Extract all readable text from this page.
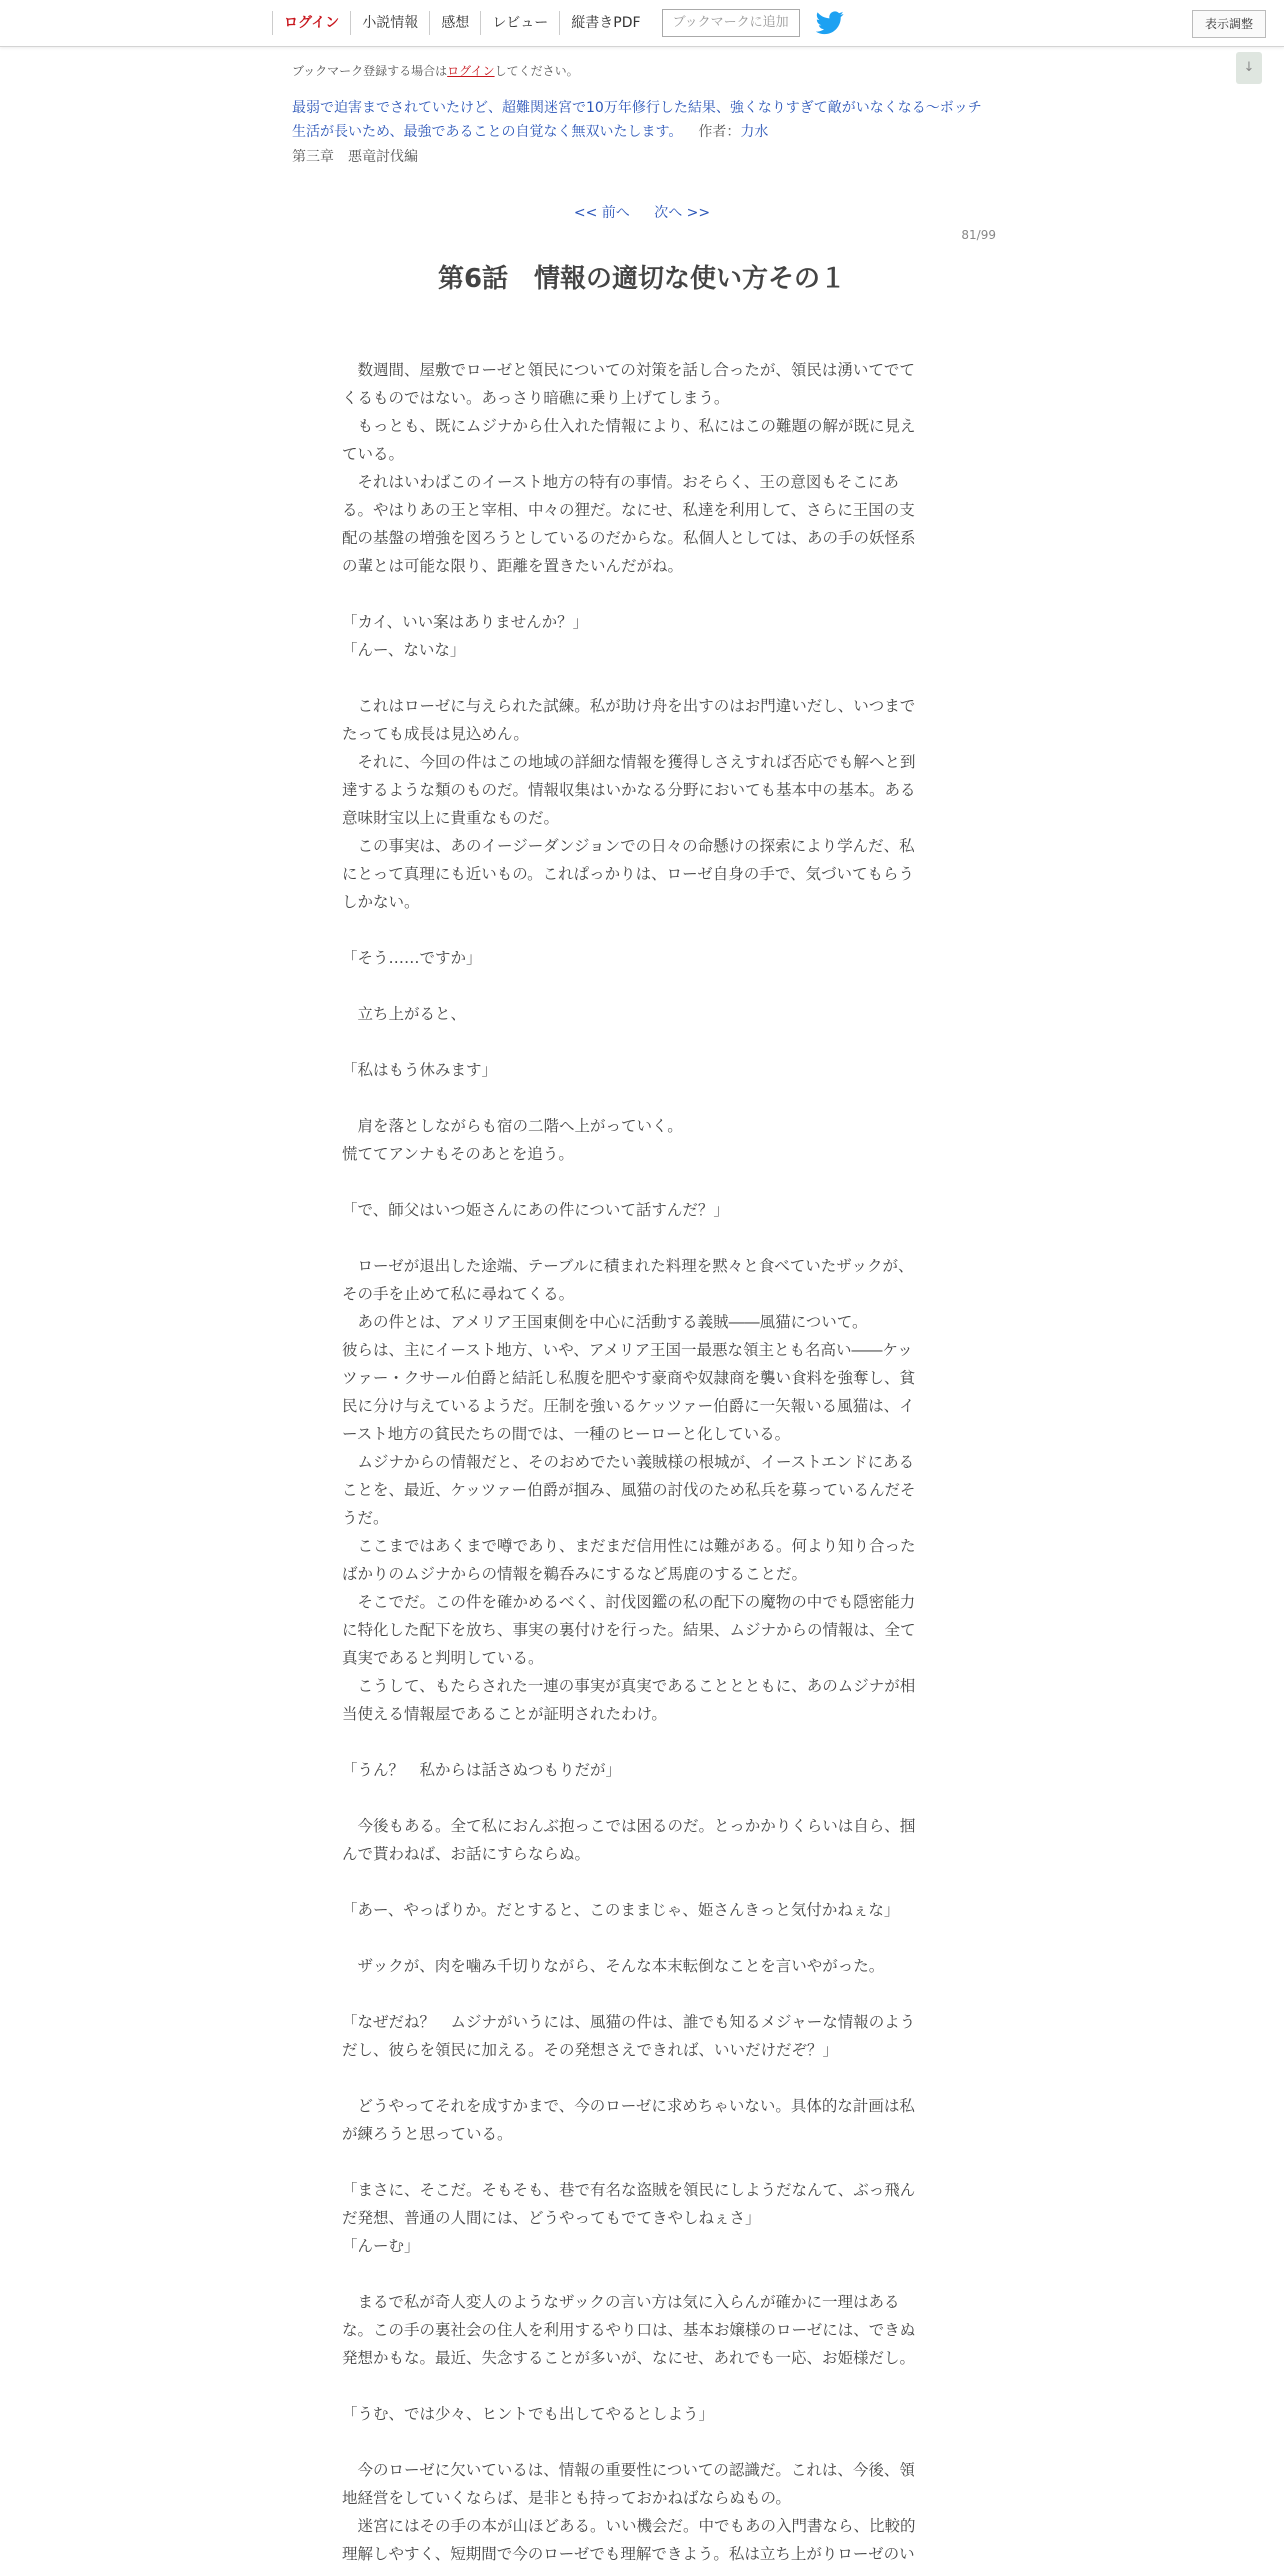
ログイン	小説情報	感想	レビュー	縦書きPDF	ブックマークに追加	表示調整
↓
ブックマーク登録する場合はログインしてください。
最弱で迫害までされていたけど、超難関迷宮で10万年修行した結果、強くなりすぎて敵がいなくなる～ボッチ
生活が長いため、最強であることの自覚なく無双いたします。 作者：力水
第三章　悪竜討伐編
<< 前へ 次へ >>
81/99
第6話　情報の適切な使い方その１

　数週間、屋敷でローゼと領民についての対策を話し合ったが、領民は湧いてでて

くるものではない。あっさり暗礁に乗り上げてしまう。

　もっとも、既にムジナから仕入れた情報により、私にはこの難題の解が既に見え

ている。

　それはいわばこのイースト地方の特有の事情。おそらく、王の意図もそこにあ

る。やはりあの王と宰相、中々の狸だ。なにせ、私達を利用して、さらに王国の支

配の基盤の増強を図ろうとしているのだからな。私個人としては、あの手の妖怪系

の輩とは可能な限り、距離を置きたいんだがね。

「カイ、いい案はありませんか？」

「んー、ないな」

　これはローゼに与えられた試練。私が助け舟を出すのはお門違いだし、いつまで

たっても成長は見込めん。

　それに、今回の件はこの地域の詳細な情報を獲得しさえすれば否応でも解へと到

達するような類のものだ。情報収集はいかなる分野においても基本中の基本。ある

意味財宝以上に貴重なものだ。

　この事実は、あのイージーダンジョンでの日々の命懸けの探索により学んだ、私

にとって真理にも近いもの。これぱっかりは、ローゼ自身の手で、気づいてもらう

しかない。

「そう……ですか」

　立ち上がると、

「私はもう休みます」

　肩を落としながらも宿の二階へ上がっていく。

慌ててアンナもそのあとを追う。

「で、師父はいつ姫さんにあの件について話すんだ？」

　ローゼが退出した途端、テーブルに積まれた料理を黙々と食べていたザックが、

その手を止めて私に尋ねてくる。

　あの件とは、アメリア王国東側を中心に活動する義賊――風猫について。

彼らは、主にイースト地方、いや、アメリア王国一最悪な領主とも名高い――ケッ

ツァー・クサール伯爵と結託し私腹を肥やす豪商や奴隷商を襲い食料を強奪し、貧

民に分け与えているようだ。圧制を強いるケッツァー伯爵に一矢報いる風猫は、イ

ースト地方の貧民たちの間では、一種のヒーローと化している。

　ムジナからの情報だと、そのおめでたい義賊様の根城が、イーストエンドにある

ことを、最近、ケッツァー伯爵が掴み、風猫の討伐のため私兵を募っているんだそ

うだ。

　ここまではあくまで噂であり、まだまだ信用性には難がある。何より知り合った

ばかりのムジナからの情報を鵜呑みにするなど馬鹿のすることだ。

　そこでだ。この件を確かめるべく、討伐図鑑の私の配下の魔物の中でも隠密能力

に特化した配下を放ち、事実の裏付けを行った。結果、ムジナからの情報は、全て

真実であると判明している。

　こうして、もたらされた一連の事実が真実であることとともに、あのムジナが相

当使える情報屋であることが証明されたわけ。

「うん？　私からは話さぬつもりだが」

　今後もある。全て私におんぶ抱っこでは困るのだ。とっかかりくらいは自ら、掴

んで貰わねば、お話にすらならぬ。

「あー、やっぱりか。だとすると、このままじゃ、姫さんきっと気付かねぇな」

　ザックが、肉を噛み千切りながら、そんな本末転倒なことを言いやがった。

「なぜだね？　ムジナがいうには、風猫の件は、誰でも知るメジャーな情報のよう

だし、彼らを領民に加える。その発想さえできれば、いいだけだぞ？」

　どうやってそれを成すかまで、今のローゼに求めちゃいない。具体的な計画は私

が練ろうと思っている。

「まさに、そこだ。そもそも、巷で有名な盗賊を領民にしようだなんて、ぶっ飛ん

だ発想、普通の人間には、どうやってもでてきやしねぇさ」

「んーむ」

　まるで私が奇人変人のようなザックの言い方は気に入らんが確かに一理はある

な。この手の裏社会の住人を利用するやり口は、基本お嬢様のローゼには、できぬ

発想かもな。最近、失念することが多いが、なにせ、あれでも一応、お姫様だし。

「うむ、では少々、ヒントでも出してやるとしよう」

　今のローゼに欠いているは、情報の重要性についての認識だ。これは、今後、領

地経営をしていくならば、是非とも持っておかねばならぬもの。

　迷宮にはその手の本が山ほどある。いい機会だ。中でもあの入門書なら、比較的

理解しやすく、短期間で今のローゼでも理解できよう。私は立ち上がりローゼのい
